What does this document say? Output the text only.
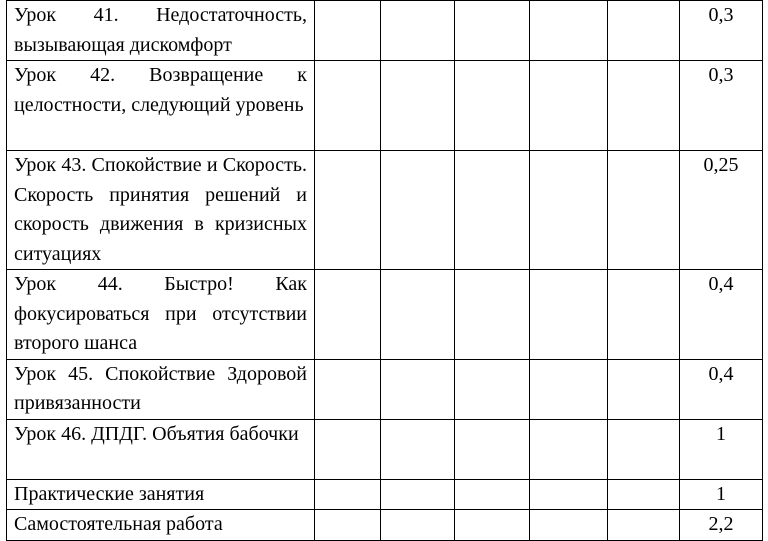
Урок 41. Недостаточность, вызывающая дискомфорт						0,3
Урок 42. Возвращение к целостности, следующий уровень						0,3
Урок 43. Спокойствие и Скорость. Скорость принятия решений и скорость движения в кризисных ситуациях						0,25
Урок 44. Быстро! Как фокусироваться при отсутствии второго шанса						0,4
Урок 45. Спокойствие Здоровой привязанности						0,4
Урок 46. ДПДГ. Объятия бабочки						1
Практические занятия						1
Самостоятельная работа						2,2
